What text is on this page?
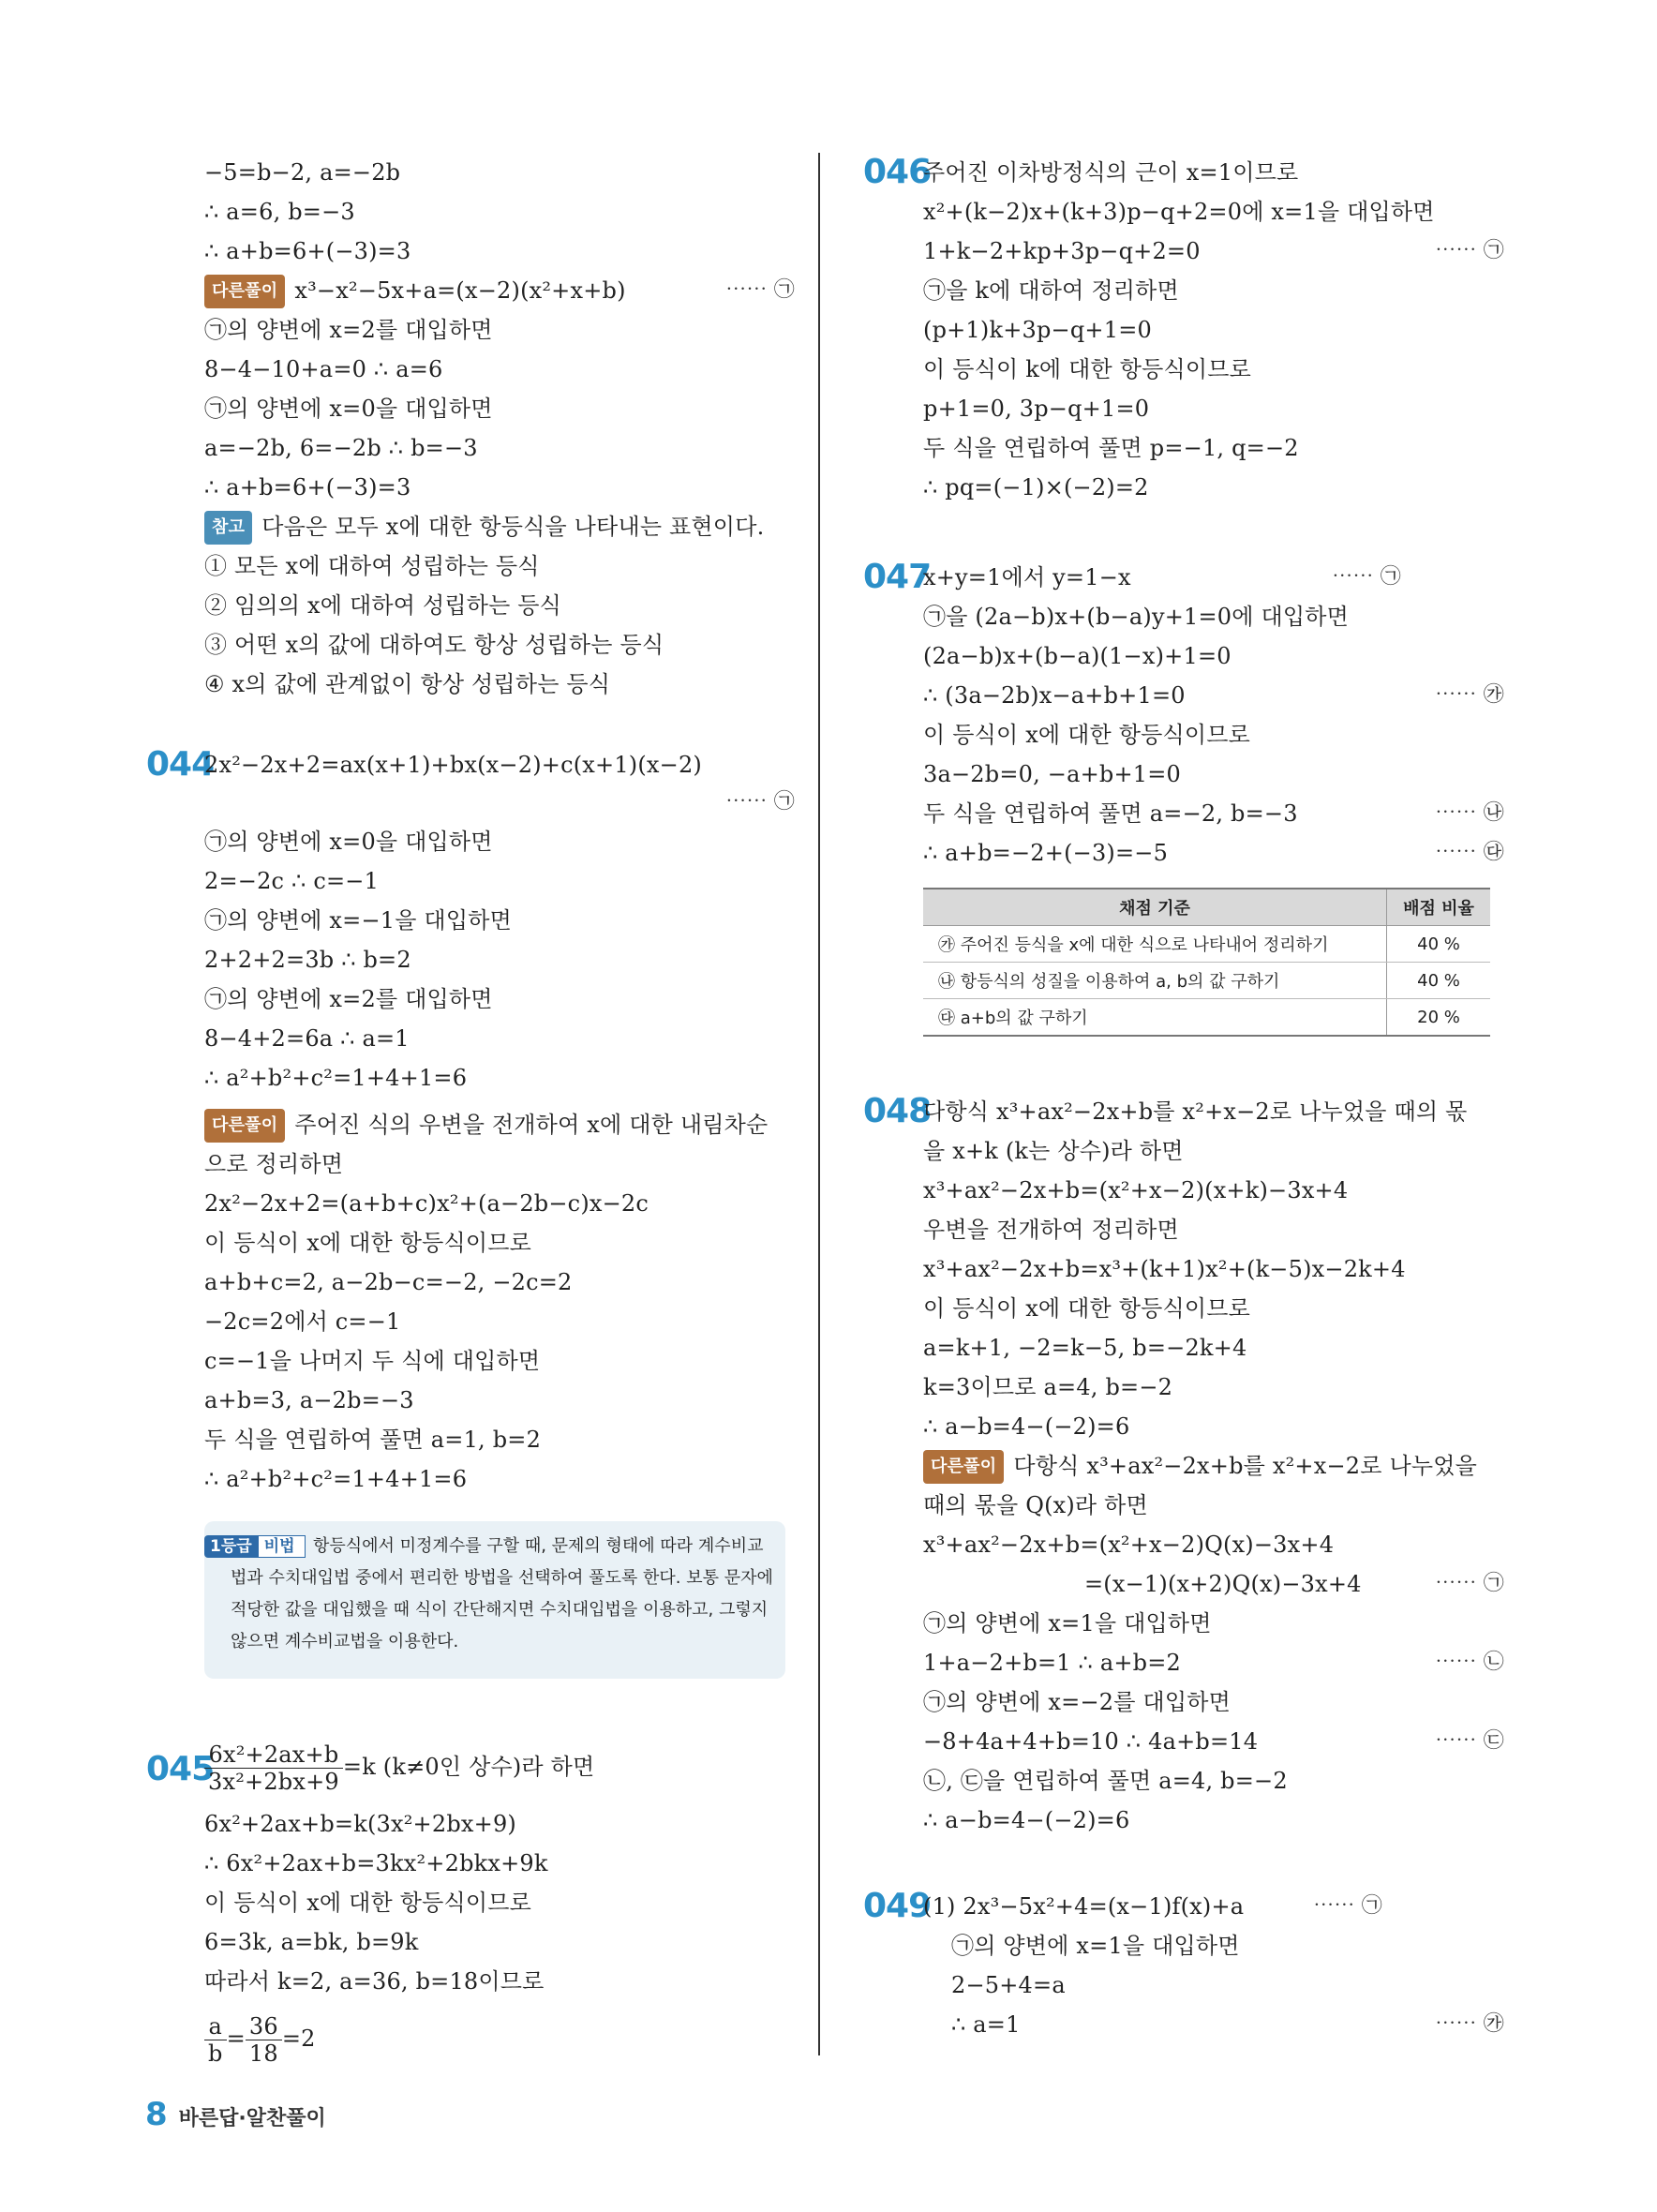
−5=b−2, a=−2b
∴ a=6, b=−3
∴ a+b=6+(−3)=3
다른풀이 x³−x²−5x+a=(x−2)(x²+x+b)	⋯⋯ ㉠
㉠의 양변에 x=2를 대입하면
8−4−10+a=0 ∴ a=6
㉠의 양변에 x=0을 대입하면
a=−2b, 6=−2b ∴ b=−3
∴ a+b=6+(−3)=3
참고 다음은 모두 x에 대한 항등식을 나타내는 표현이다.
① 모든 x에 대하여 성립하는 등식
② 임의의 x에 대하여 성립하는 등식
③ 어떤 x의 값에 대하여도 항상 성립하는 등식
④ x의 값에 관계없이 항상 성립하는 등식
044
2x²−2x+2=ax(x+1)+bx(x−2)+c(x+1)(x−2)
⋯⋯ ㉠
㉠의 양변에 x=0을 대입하면
2=−2c ∴ c=−1
㉠의 양변에 x=−1을 대입하면
2+2+2=3b ∴ b=2
㉠의 양변에 x=2를 대입하면
8−4+2=6a ∴ a=1
∴ a²+b²+c²=1+4+1=6
다른풀이 주어진 식의 우변을 전개하여 x에 대한 내림차순
으로 정리하면
2x²−2x+2=(a+b+c)x²+(a−2b−c)x−2c
이 등식이 x에 대한 항등식이므로
a+b+c=2, a−2b−c=−2, −2c=2
−2c=2에서 c=−1
c=−1을 나머지 두 식에 대입하면
a+b=3, a−2b=−3
두 식을 연립하여 풀면 a=1, b=2
∴ a²+b²+c²=1+4+1=6
1등급 비법	항등식에서 미정계수를 구할 때, 문제의 형태에 따라 계수비교법과 수치대입법 중에서 편리한 방법을 선택하여 풀도록 한다. 보통 문자에 적당한 값을 대입했을 때 식이 간단해지면 수치대입법을 이용하고, 그렇지 않으면 계수비교법을 이용한다.
045
$\frac{\text{6x²+2ax+b}}{\text{3x²+2bx+9}} =k$ (k≠0인 상수)라 하면
6x²+2ax+b=k(3x²+2bx+9)
∴ 6x²+2ax+b=3kx²+2bkx+9k
이 등식이 x에 대한 항등식이므로
6=3k, a=bk, b=9k
따라서 k=2, a=36, b=18이므로
$\frac{a}{b} = \frac{36}{18} =2$
046
주어진 이차방정식의 근이 x=1이므로
x²+(k−2)x+(k+3)p−q+2=0에 x=1을 대입하면
1+k−2+kp+3p−q+2=0	⋯⋯ ㉠
㉠을 k에 대하여 정리하면
(p+1)k+3p−q+1=0
이 등식이 k에 대한 항등식이므로
p+1=0, 3p−q+1=0
두 식을 연립하여 풀면 p=−1, q=−2
∴ pq=(−1)×(−2)=2
047
x+y=1에서 y=1−x	⋯⋯ ㉠
㉠을 (2a−b)x+(b−a)y+1=0에 대입하면
(2a−b)x+(b−a)(1−x)+1=0
∴ (3a−2b)x−a+b+1=0	⋯⋯ ㉮
이 등식이 x에 대한 항등식이므로
3a−2b=0, −a+b+1=0
두 식을 연립하여 풀면 a=−2, b=−3	⋯⋯ ㉯
∴ a+b=−2+(−3)=−5	⋯⋯ ㉰
채점 기준	배점 비율
㉮ 주어진 등식을 x에 대한 식으로 나타내어 정리하기	40 %
㉯ 항등식의 성질을 이용하여 a, b의 값 구하기	40 %
㉰ a+b의 값 구하기	20 %
048
다항식 x³+ax²−2x+b를 x²+x−2로 나누었을 때의 몫
을 x+k (k는 상수)라 하면
x³+ax²−2x+b=(x²+x−2)(x+k)−3x+4
우변을 전개하여 정리하면
x³+ax²−2x+b=x³+(k+1)x²+(k−5)x−2k+4
이 등식이 x에 대한 항등식이므로
a=k+1, −2=k−5, b=−2k+4
k=3이므로 a=4, b=−2
∴ a−b=4−(−2)=6
다른풀이 다항식 x³+ax²−2x+b를 x²+x−2로 나누었을
때의 몫을 Q(x)라 하면
x³+ax²−2x+b=(x²+x−2)Q(x)−3x+4
=(x−1)(x+2)Q(x)−3x+4	⋯⋯ ㉠
㉠의 양변에 x=1을 대입하면
1+a−2+b=1 ∴ a+b=2	⋯⋯ ㉡
㉠의 양변에 x=−2를 대입하면
−8+4a+4+b=10 ∴ 4a+b=14	⋯⋯ ㉢
㉡, ㉢을 연립하여 풀면 a=4, b=−2
∴ a−b=4−(−2)=6
049
(1) 2x³−5x²+4=(x−1)f(x)+a	⋯⋯ ㉠
㉠의 양변에 x=1을 대입하면
2−5+4=a
∴ a=1	⋯⋯ ㉮
8 바른답·알찬풀이
